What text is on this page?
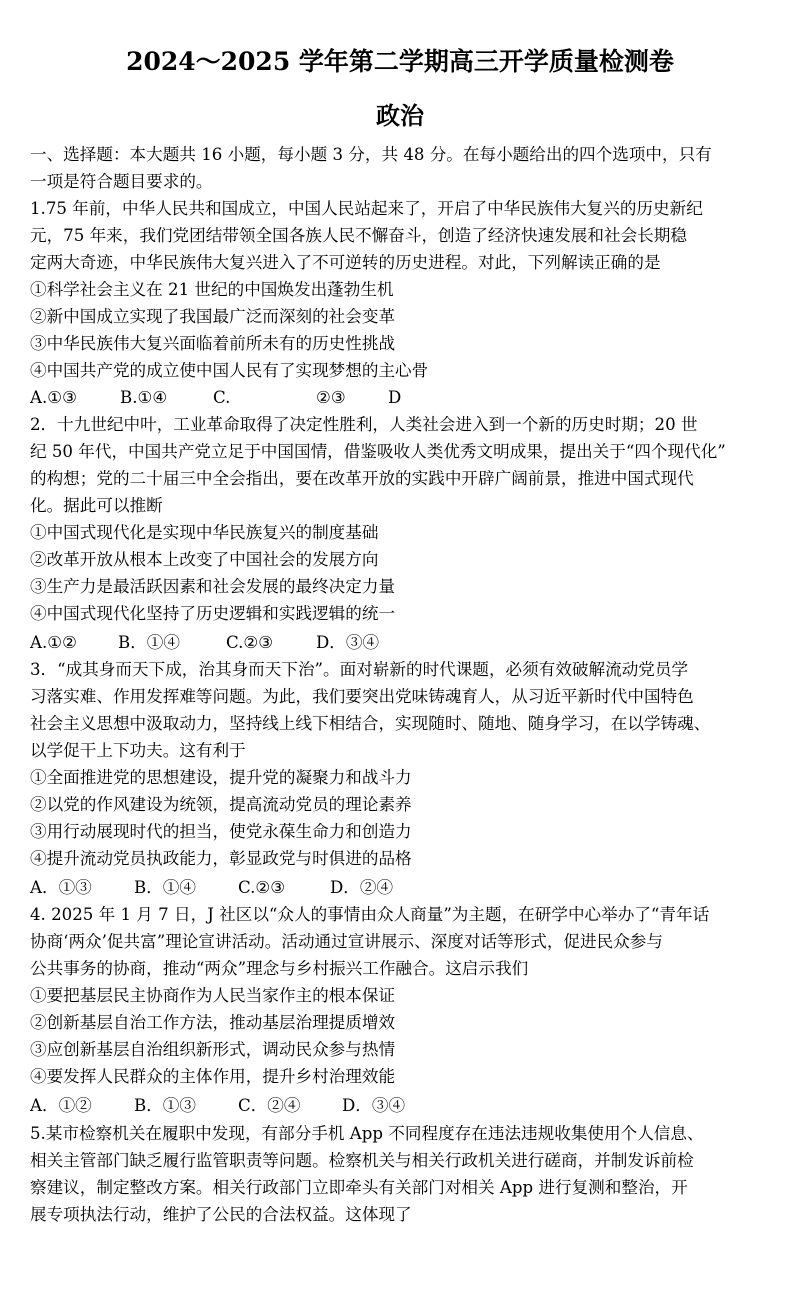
2024～2025 学年第二学期高三开学质量检测卷
政治
一、选择题：本大题共 16 小题，每小题 3 分，共 48 分。在每小题给出的四个选项中，只有
一项是符合题目要求的。
1.75 年前，中华人民共和国成立，中国人民站起来了，开启了中华民族伟大复兴的历史新纪
元，75 年来，我们党团结带领全国各族人民不懈奋斗，创造了经济快速发展和社会长期稳
定两大奇迹，中华民族伟大复兴进入了不可逆转的历史进程。对此，下列解读正确的是
①科学社会主义在 21 世纪的中国焕发出蓬勃生机
②新中国成立实现了我国最广泛而深刻的社会变革
③中华民族伟大复兴面临着前所未有的历史性挑战
④中国共产党的成立使中国人民有了实现梦想的主心骨
A.①③	B.①④	C.	②③	D
2．十九世纪中叶，工业革命取得了决定性胜利，人类社会进入到一个新的历史时期；20 世
纪 50 年代，中国共产党立足于中国国情，借鉴吸收人类优秀文明成果，提出关于“四个现代化”
的构想；党的二十届三中全会指出，要在改革开放的实践中开辟广阔前景，推进中国式现代
化。据此可以推断
①中国式现代化是实现中华民族复兴的制度基础
②改革开放从根本上改变了中国社会的发展方向
③生产力是最活跃因素和社会发展的最终决定力量
④中国式现代化坚持了历史逻辑和实践逻辑的统一
A.①② B．①④	C.②③	D．③④
3．“成其身而天下成，治其身而天下治”。面对崭新的时代课题，必须有效破解流动党员学
习落实难、作用发挥难等问题。为此，我们要突出党味铸魂育人，从习近平新时代中国特色
社会主义思想中汲取动力，坚持线上线下相结合，实现随时、随地、随身学习，在以学铸魂、
以学促干上下功夫。这有利于
①全面推进党的思想建设，提升党的凝聚力和战斗力
②以党的作风建设为统领，提高流动党员的理论素养
③用行动展现时代的担当，使党永葆生命力和创造力
④提升流动党员执政能力，彰显政党与时俱进的品格
A．①③	B．①④	C.②③	D．②④
4. 2025 年 1 月 7 日，J 社区以“众人的事情由众人商量”为主题，在研学中心举办了“青年话
协商‘两众’促共富”理论宣讲活动。活动通过宣讲展示、深度对话等形式，促进民众参与
公共事务的协商，推动“两众”理念与乡村振兴工作融合。这启示我们
①要把基层民主协商作为人民当家作主的根本保证
②创新基层自治工作方法，推动基层治理提质增效
③应创新基层自治组织新形式，调动民众参与热情
④要发挥人民群众的主体作用，提升乡村治理效能
A．①②	B．①③	C．②④	D．③④
5.某市检察机关在履职中发现，有部分手机 App 不同程度存在违法违规收集使用个人信息、
相关主管部门缺乏履行监管职责等问题。检察机关与相关行政机关进行磋商，并制发诉前检
察建议，制定整改方案。相关行政部门立即牵头有关部门对相关 App 进行复测和整治，开
展专项执法行动，维护了公民的合法权益。这体现了
